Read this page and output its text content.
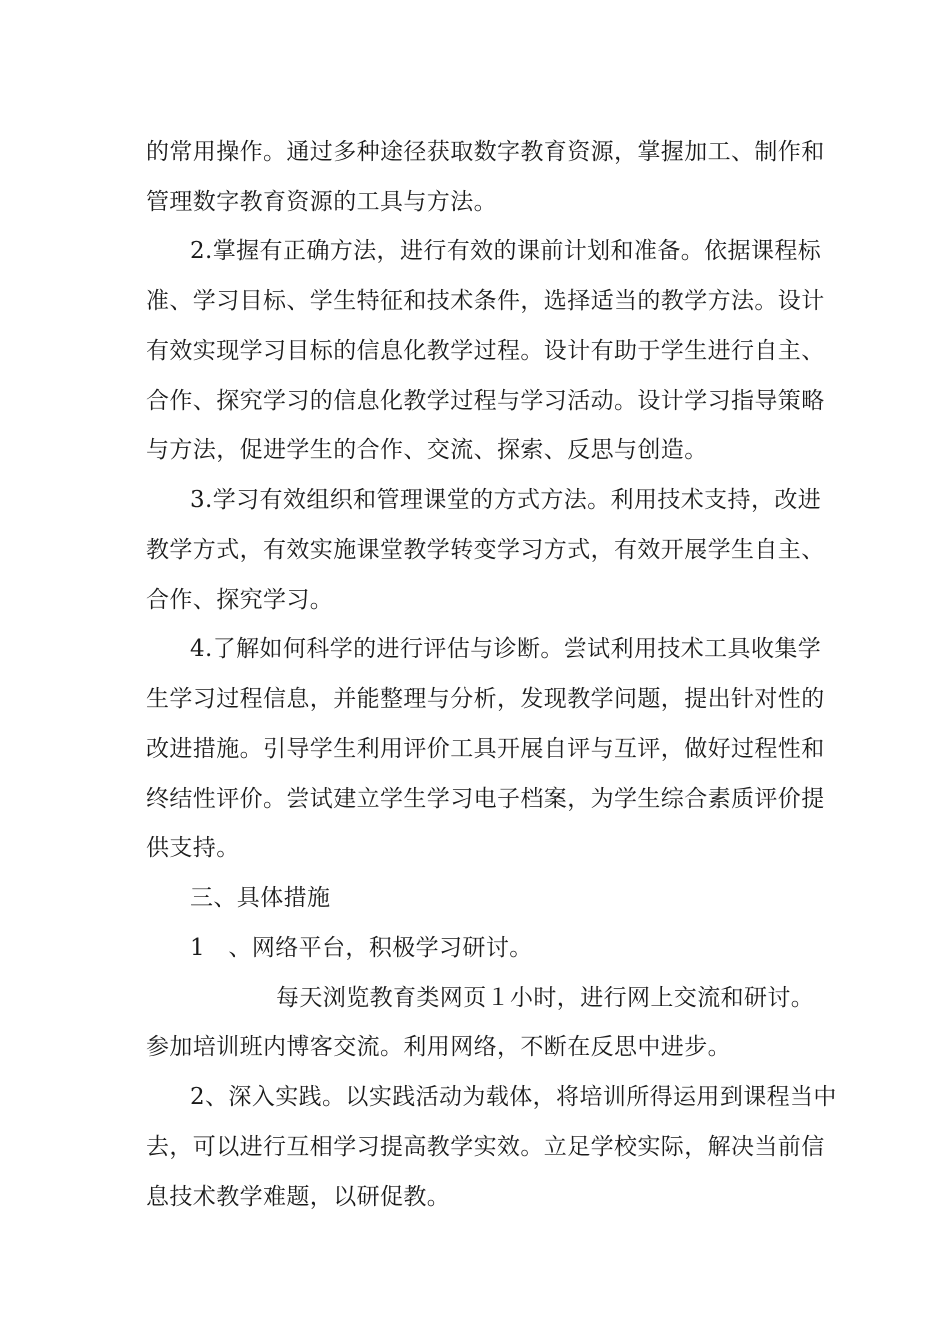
的常用操作。通过多种途径获取数字教育资源，掌握加工、制作和
管理数字教育资源的工具与方法。
2.掌握有正确方法，进行有效的课前计划和准备。依据课程标
准、学习目标、学生特征和技术条件，选择适当的教学方法。设计
有效实现学习目标的信息化教学过程。设计有助于学生进行自主、
合作、探究学习的信息化教学过程与学习活动。设计学习指导策略
与方法，促进学生的合作、交流、探索、反思与创造。
3.学习有效组织和管理课堂的方式方法。利用技术支持，改进
教学方式，有效实施课堂教学转变学习方式，有效开展学生自主、
合作、探究学习。
4.了解如何科学的进行评估与诊断。尝试利用技术工具收集学
生学习过程信息，并能整理与分析，发现教学问题，提出针对性的
改进措施。引导学生利用评价工具开展自评与互评，做好过程性和
终结性评价。尝试建立学生学习电子档案，为学生综合素质评价提
供支持。
三、具体措施
1　、网络平台，积极学习研讨。
每天浏览教育类网页１小时，进行网上交流和研讨。
参加培训班内博客交流。利用网络，不断在反思中进步。
2、深入实践。以实践活动为载体，将培训所得运用到课程当中
去，可以进行互相学习提高教学实效。立足学校实际，解决当前信
息技术教学难题，以研促教。
